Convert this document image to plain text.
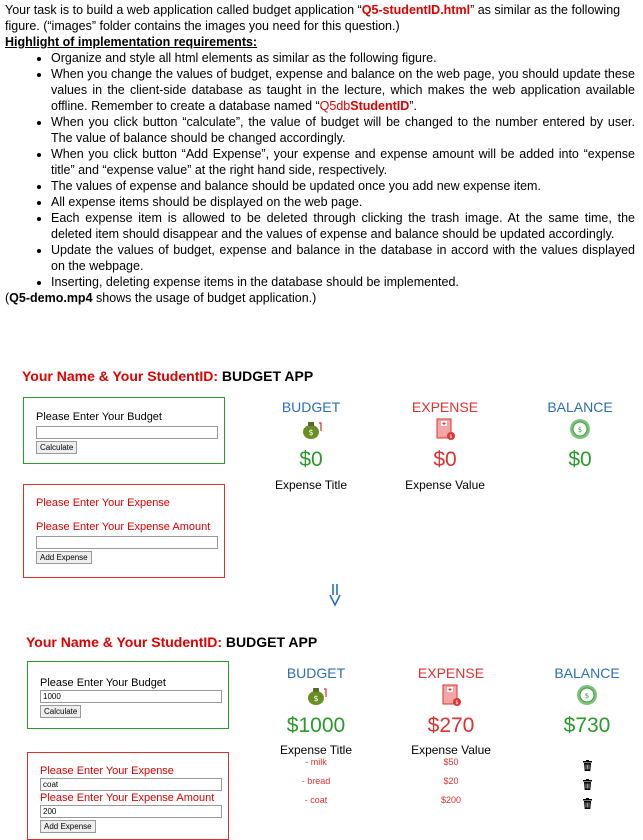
Your task is to build a web application called budget application “Q5-studentID.html” as similar as the following figure. (“images” folder contains the images you need for this question.)

Highlight of implementation requirements:

• Organize and style all html elements as similar as the following figure.
• When you change the values of budget, expense and balance on the web page, you should update these values in the client-side database as taught in the lecture, which makes the web application available offline. Remember to create a database named “Q5dbStudentID”.
• When you click button “calculate”, the value of budget will be changed to the number entered by user. The value of balance should be changed accordingly.
• When you click button “Add Expense”, your expense and expense amount will be added into “expense title” and “expense value” at the right hand side, respectively.
• The values of expense and balance should be updated once you add new expense item.
• All expense items should be displayed on the web page.
• Each expense item is allowed to be deleted through clicking the trash image. At the same time, the deleted item should disappear and the values of expense and balance should be updated accordingly.
• Update the values of budget, expense and balance in the database in accord with the values displayed on the webpage.
• Inserting, deleting expense items in the database should be implemented.

(Q5-demo.mp4 shows the usage of budget application.)

Your Name & Your StudentID: BUDGET APP
Please Enter Your Budget
Calculate
Please Enter Your Expense
Please Enter Your Expense Amount
Add Expense
BUDGET
$
$0
Expense Title
EXPENSE
$
$0
Expense Value
BALANCE
$
$0
Your Name & Your StudentID: BUDGET APP
Please Enter Your Budget
1000
Calculate
Please Enter Your Expense
coat
Please Enter Your Expense Amount
200
Add Expense
BUDGET
$
$1000
Expense Title
- milk
- bread
- coat
EXPENSE
$
$270
Expense Value
$50
$20
$200
BALANCE
$
$730
